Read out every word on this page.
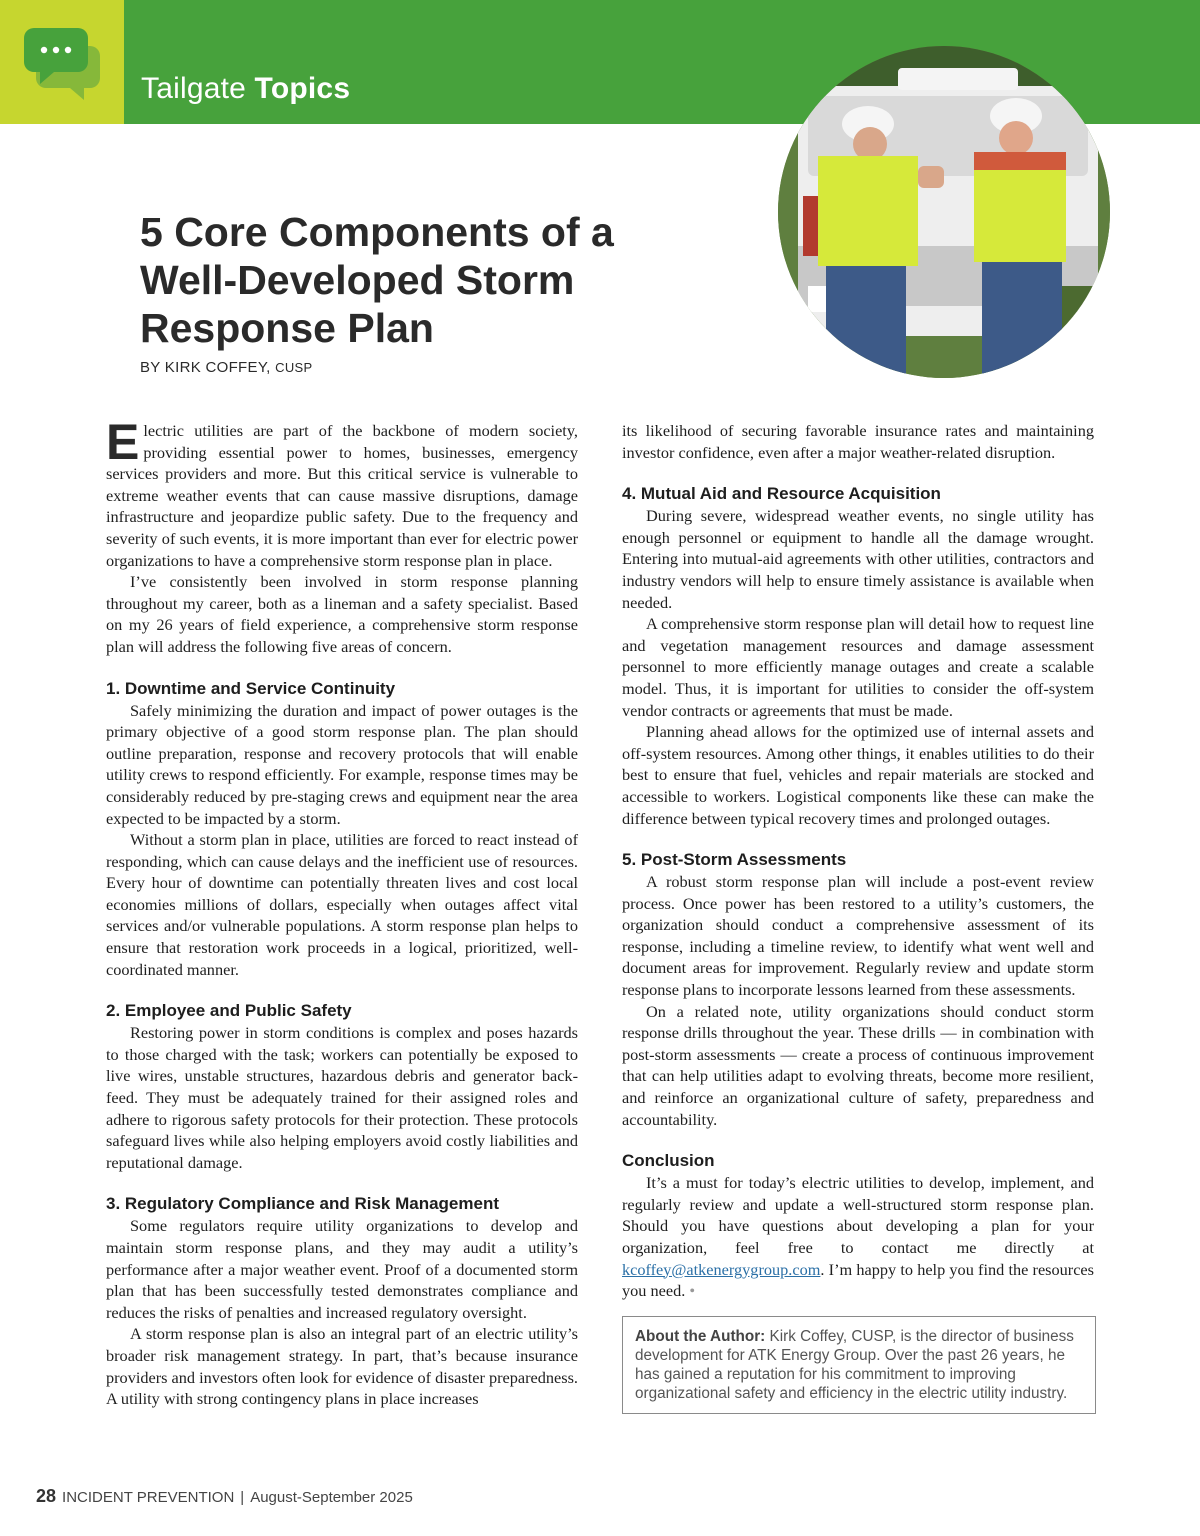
Tailgate Topics
5 Core Components of a Well-Developed Storm Response Plan
BY KIRK COFFEY, CUSP

Electric utilities are part of the backbone of modern society, providing essential power to homes, businesses, emergency services providers and more. But this critical service is vulnerable to extreme weather events that can cause massive disruptions, damage infrastructure and jeopardize public safety. Due to the frequency and severity of such events, it is more important than ever for electric power organizations to have a comprehensive storm response plan in place.

I’ve consistently been involved in storm response planning throughout my career, both as a lineman and a safety specialist. Based on my 26 years of field experience, a comprehensive storm response plan will address the following five areas of concern.

1. Downtime and Service Continuity

Safely minimizing the duration and impact of power outages is the primary objective of a good storm response plan. The plan should outline preparation, response and recovery protocols that will enable utility crews to respond efficiently. For example, response times may be considerably reduced by pre-staging crews and equipment near the area expected to be impacted by a storm.

Without a storm plan in place, utilities are forced to react instead of responding, which can cause delays and the inefficient use of resources. Every hour of downtime can potentially threaten lives and cost local economies millions of dollars, especially when outages affect vital services and/or vulnerable populations. A storm response plan helps to ensure that restoration work proceeds in a logical, prioritized, well-coordinated manner.

2. Employee and Public Safety

Restoring power in storm conditions is complex and poses hazards to those charged with the task; workers can potentially be exposed to live wires, unstable structures, hazardous debris and generator back-feed. They must be adequately trained for their assigned roles and adhere to rigorous safety protocols for their protection. These protocols safeguard lives while also helping employers avoid costly liabilities and reputational damage.

3. Regulatory Compliance and Risk Management

Some regulators require utility organizations to develop and maintain storm response plans, and they may audit a utility’s performance after a major weather event. Proof of a documented storm plan that has been successfully tested demonstrates compliance and reduces the risks of penalties and increased regulatory oversight.

A storm response plan is also an integral part of an electric utility’s broader risk management strategy. In part, that’s because insurance providers and investors often look for evidence of disaster preparedness. A utility with strong contingency plans in place increases

its likelihood of securing favorable insurance rates and maintaining investor confidence, even after a major weather-related disruption.

4. Mutual Aid and Resource Acquisition

During severe, widespread weather events, no single utility has enough personnel or equipment to handle all the damage wrought. Entering into mutual-aid agreements with other utilities, contractors and industry vendors will help to ensure timely assistance is available when needed.

A comprehensive storm response plan will detail how to request line and vegetation management resources and damage assessment personnel to more efficiently manage outages and create a scalable model. Thus, it is important for utilities to consider the off-system vendor contracts or agreements that must be made.

Planning ahead allows for the optimized use of internal assets and off-system resources. Among other things, it enables utilities to do their best to ensure that fuel, vehicles and repair materials are stocked and accessible to workers. Logistical components like these can make the difference between typical recovery times and prolonged outages.

5. Post-Storm Assessments

A robust storm response plan will include a post-event review process. Once power has been restored to a utility’s customers, the organization should conduct a comprehensive assessment of its response, including a timeline review, to identify what went well and document areas for improvement. Regularly review and update storm response plans to incorporate lessons learned from these assessments.

On a related note, utility organizations should conduct storm response drills throughout the year. These drills — in combination with post-storm assessments — create a process of continuous improvement that can help utilities adapt to evolving threats, become more resilient, and reinforce an organizational culture of safety, preparedness and accountability.

Conclusion

It’s a must for today’s electric utilities to develop, implement, and regularly review and update a well-structured storm response plan. Should you have questions about developing a plan for your organization, feel free to contact me directly at kcoffey@atkenergygroup.com. I’m happy to help you find the resources you need. •

About the Author: Kirk Coffey, CUSP, is the director of business development for ATK Energy Group. Over the past 26 years, he has gained a reputation for his commitment to improving organizational safety and efficiency in the electric utility industry.
28 INCIDENT PREVENTION | August-September 2025
